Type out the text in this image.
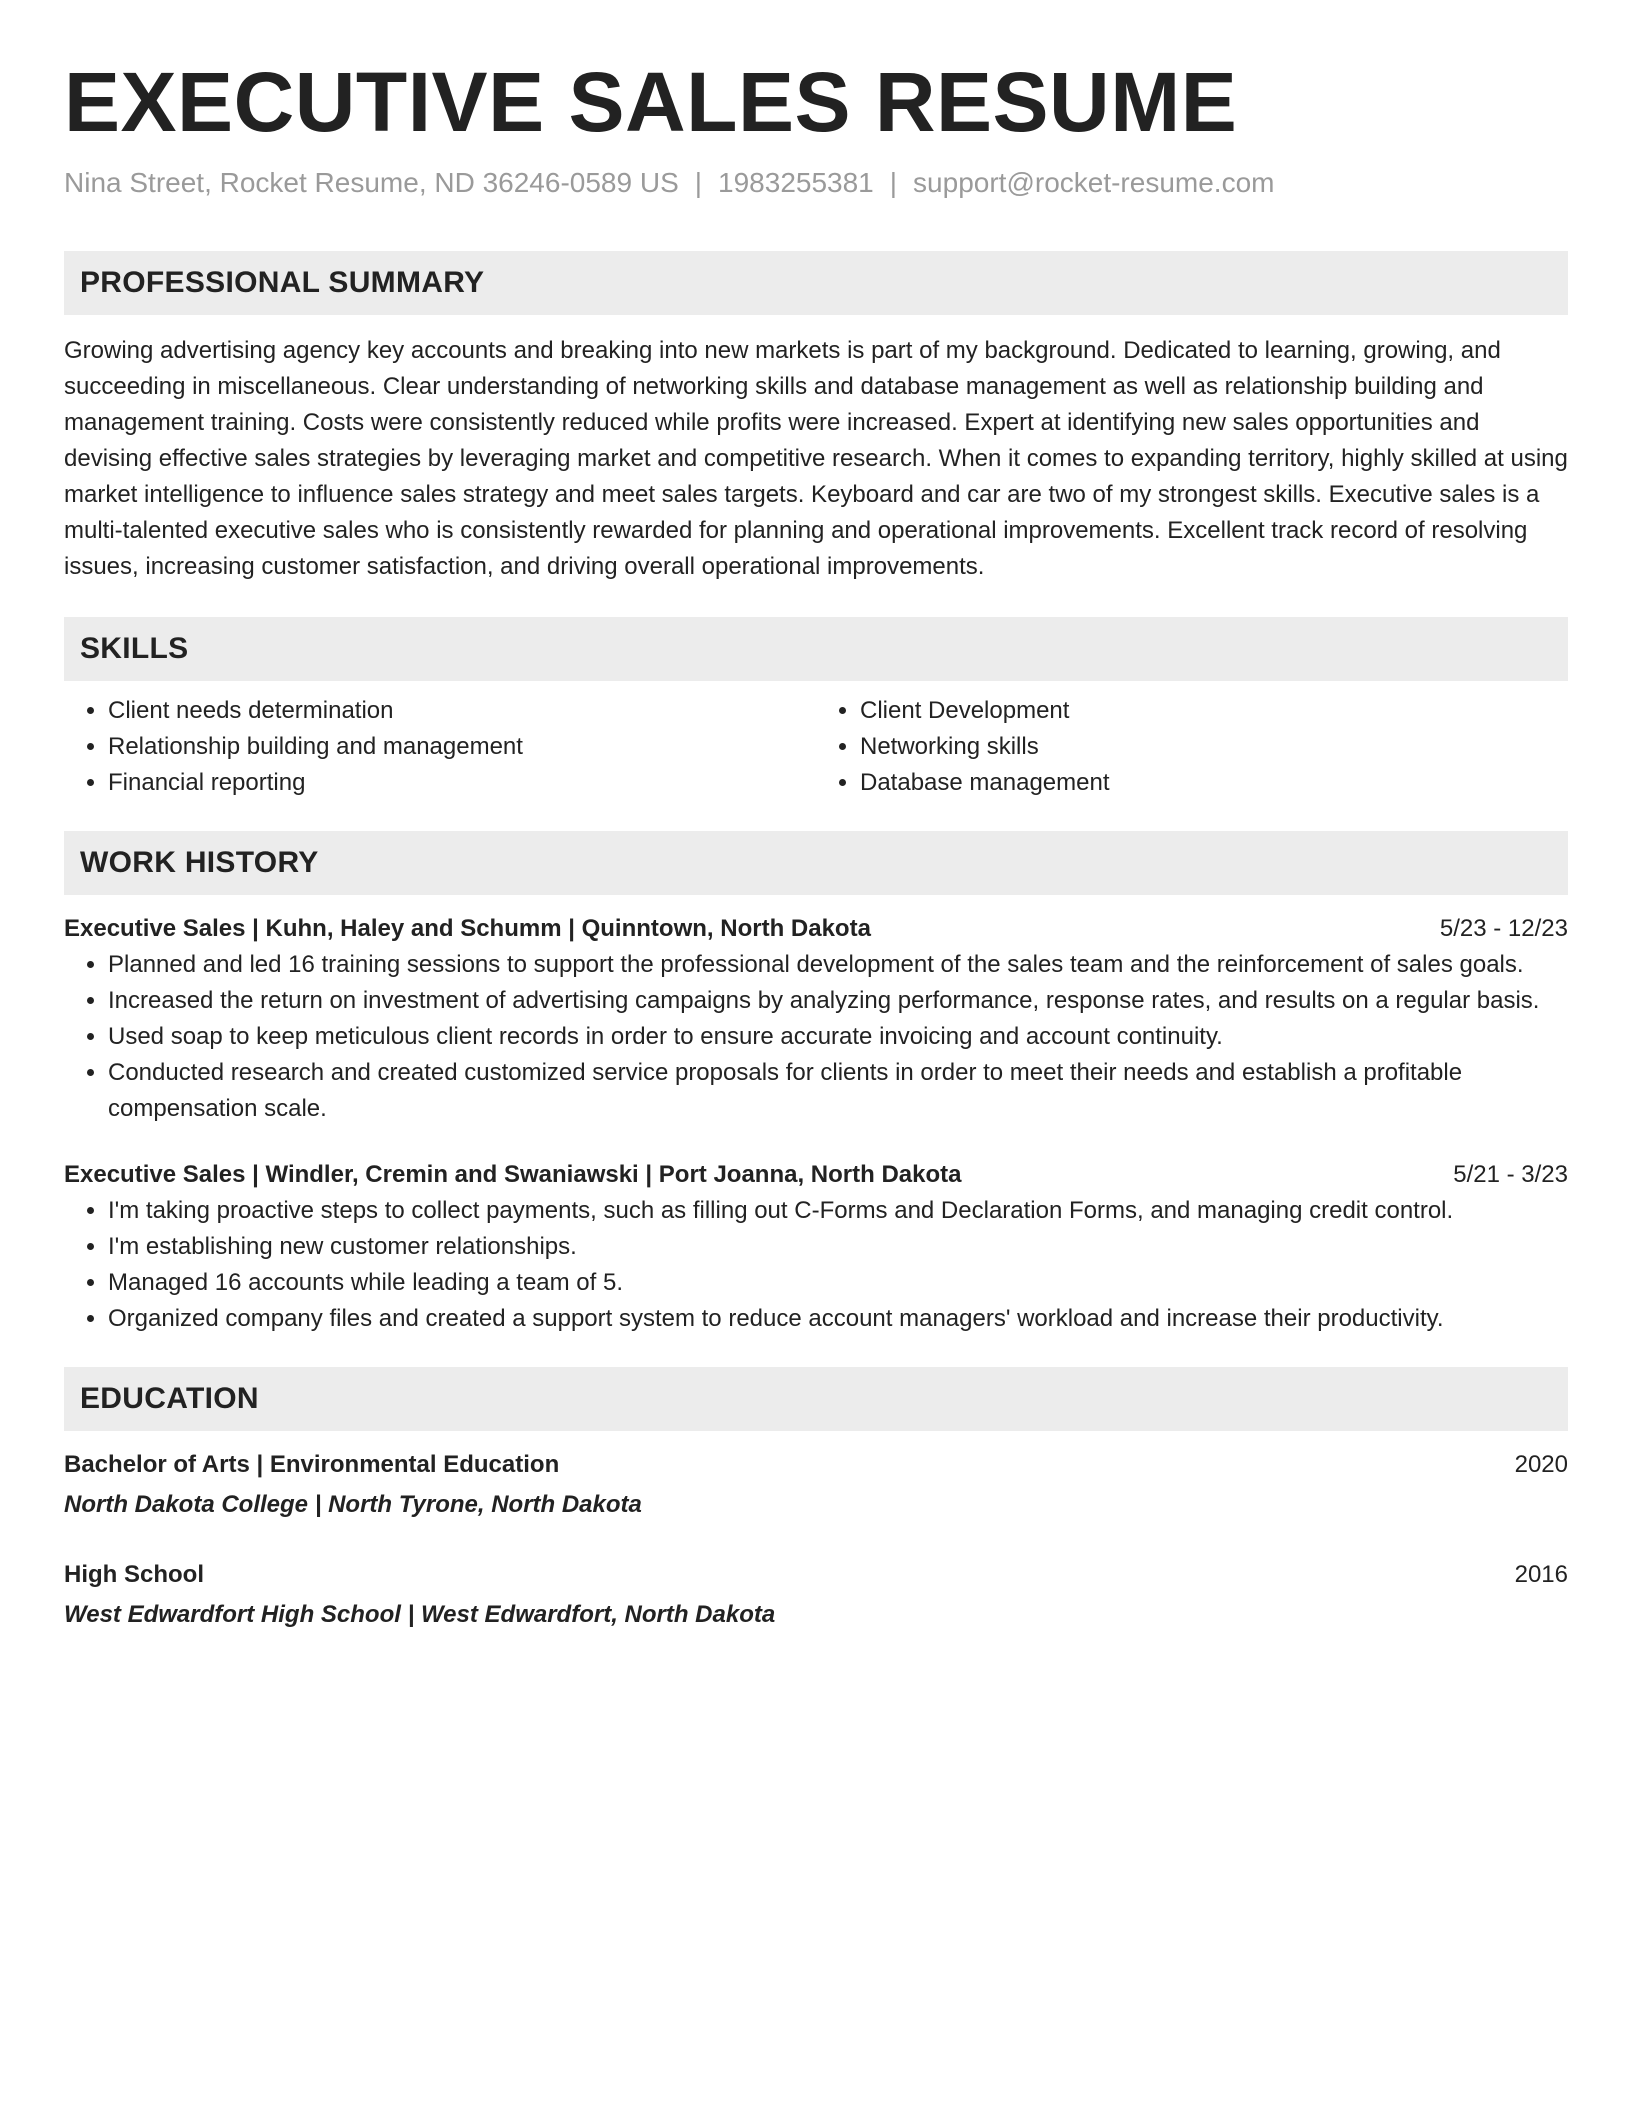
EXECUTIVE SALES RESUME
Nina Street, Rocket Resume, ND 36246-0589 US | 1983255381 | support@rocket-resume.com
PROFESSIONAL SUMMARY
Growing advertising agency key accounts and breaking into new markets is part of my background. Dedicated to learning, growing, and succeeding in miscellaneous. Clear understanding of networking skills and database management as well as relationship building and management training. Costs were consistently reduced while profits were increased. Expert at identifying new sales opportunities and devising effective sales strategies by leveraging market and competitive research. When it comes to expanding territory, highly skilled at using market intelligence to influence sales strategy and meet sales targets. Keyboard and car are two of my strongest skills. Executive sales is a multi-talented executive sales who is consistently rewarded for planning and operational improvements. Excellent track record of resolving issues, increasing customer satisfaction, and driving overall operational improvements.
SKILLS
• Client needs determination
• Relationship building and management
• Financial reporting
• Client Development
• Networking skills
• Database management
WORK HISTORY
Executive Sales | Kuhn, Haley and Schumm | Quinntown, North Dakota	5/23 - 12/23
• Planned and led 16 training sessions to support the professional development of the sales team and the reinforcement of sales goals.
• Increased the return on investment of advertising campaigns by analyzing performance, response rates, and results on a regular basis.
• Used soap to keep meticulous client records in order to ensure accurate invoicing and account continuity.
• Conducted research and created customized service proposals for clients in order to meet their needs and establish a profitable compensation scale.
Executive Sales | Windler, Cremin and Swaniawski | Port Joanna, North Dakota	5/21 - 3/23
• I'm taking proactive steps to collect payments, such as filling out C-Forms and Declaration Forms, and managing credit control.
• I'm establishing new customer relationships.
• Managed 16 accounts while leading a team of 5.
• Organized company files and created a support system to reduce account managers' workload and increase their productivity.
EDUCATION
Bachelor of Arts | Environmental Education	2020
North Dakota College | North Tyrone, North Dakota
High School	2016
West Edwardfort High School | West Edwardfort, North Dakota
